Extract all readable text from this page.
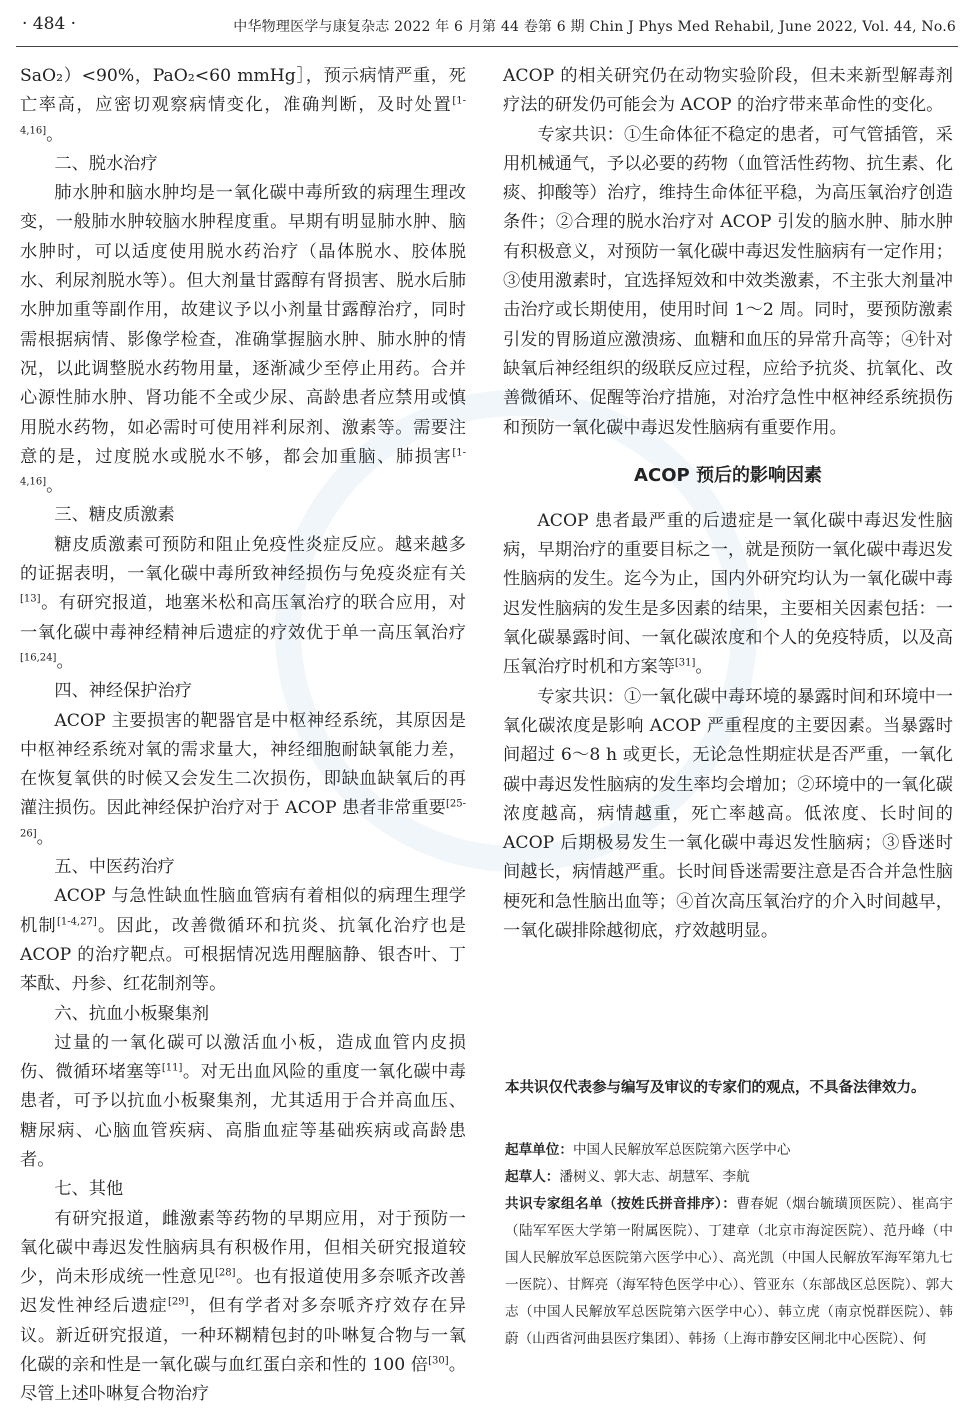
· 484 ·	中华物理医学与康复杂志 2022 年 6 月第 44 卷第 6 期 Chin J Phys Med Rehabil, June 2022, Vol. 44, No.6

SaO₂）<90%，PaO₂<60 mmHg］，预示病情严重，死亡率高，应密切观察病情变化，准确判断，及时处置[1-4,16]。

二、脱水治疗

肺水肿和脑水肿均是一氧化碳中毒所致的病理生理改变，一般肺水肿较脑水肿程度重。早期有明显肺水肿、脑水肿时，可以适度使用脱水药治疗（晶体脱水、胶体脱水、利尿剂脱水等）。但大剂量甘露醇有肾损害、脱水后肺水肿加重等副作用，故建议予以小剂量甘露醇治疗，同时需根据病情、影像学检查，准确掌握脑水肿、肺水肿的情况，以此调整脱水药物用量，逐渐减少至停止用药。合并心源性肺水肿、肾功能不全或少尿、高龄患者应禁用或慎用脱水药物，如必需时可使用袢利尿剂、激素等。需要注意的是，过度脱水或脱水不够，都会加重脑、肺损害[1-4,16]。

三、糖皮质激素

糖皮质激素可预防和阻止免疫性炎症反应。越来越多的证据表明，一氧化碳中毒所致神经损伤与免疫炎症有关[13]。有研究报道，地塞米松和高压氧治疗的联合应用，对一氧化碳中毒神经精神后遗症的疗效优于单一高压氧治疗[16,24]。

四、神经保护治疗

ACOP 主要损害的靶器官是中枢神经系统，其原因是中枢神经系统对氧的需求量大，神经细胞耐缺氧能力差，在恢复氧供的时候又会发生二次损伤，即缺血缺氧后的再灌注损伤。因此神经保护治疗对于 ACOP 患者非常重要[25-26]。

五、中医药治疗

ACOP 与急性缺血性脑血管病有着相似的病理生理学机制[1-4,27]。因此，改善微循环和抗炎、抗氧化治疗也是 ACOP 的治疗靶点。可根据情况选用醒脑静、银杏叶、丁苯酞、丹参、红花制剂等。

六、抗血小板聚集剂

过量的一氧化碳可以激活血小板，造成血管内皮损伤、微循环堵塞等[11]。对无出血风险的重度一氧化碳中毒患者，可予以抗血小板聚集剂，尤其适用于合并高血压、糖尿病、心脑血管疾病、高脂血症等基础疾病或高龄患者。

七、其他

有研究报道，雌激素等药物的早期应用，对于预防一氧化碳中毒迟发性脑病具有积极作用，但相关研究报道较少，尚未形成统一性意见[28]。也有报道使用多奈哌齐改善迟发性神经后遗症[29]，但有学者对多奈哌齐疗效存在异议。新近研究报道，一种环糊精包封的卟啉复合物与一氧化碳的亲和性是一氧化碳与血红蛋白亲和性的 100 倍[30]。尽管上述卟啉复合物治疗

ACOP 的相关研究仍在动物实验阶段，但未来新型解毒剂疗法的研发仍可能会为 ACOP 的治疗带来革命性的变化。

专家共识：①生命体征不稳定的患者，可气管插管，采用机械通气，予以必要的药物（血管活性药物、抗生素、化痰、抑酸等）治疗，维持生命体征平稳，为高压氧治疗创造条件；②合理的脱水治疗对 ACOP 引发的脑水肿、肺水肿有积极意义，对预防一氧化碳中毒迟发性脑病有一定作用；③使用激素时，宜选择短效和中效类激素，不主张大剂量冲击治疗或长期使用，使用时间 1～2 周。同时，要预防激素引发的胃肠道应激溃疡、血糖和血压的异常升高等；④针对缺氧后神经组织的级联反应过程，应给予抗炎、抗氧化、改善微循环、促醒等治疗措施，对治疗急性中枢神经系统损伤和预防一氧化碳中毒迟发性脑病有重要作用。

ACOP 预后的影响因素

ACOP 患者最严重的后遗症是一氧化碳中毒迟发性脑病，早期治疗的重要目标之一，就是预防一氧化碳中毒迟发性脑病的发生。迄今为止，国内外研究均认为一氧化碳中毒迟发性脑病的发生是多因素的结果，主要相关因素包括：一氧化碳暴露时间、一氧化碳浓度和个人的免疫特质，以及高压氧治疗时机和方案等[31]。

专家共识：①一氧化碳中毒环境的暴露时间和环境中一氧化碳浓度是影响 ACOP 严重程度的主要因素。当暴露时间超过 6～8 h 或更长，无论急性期症状是否严重，一氧化碳中毒迟发性脑病的发生率均会增加；②环境中的一氧化碳浓度越高，病情越重，死亡率越高。低浓度、长时间的 ACOP 后期极易发生一氧化碳中毒迟发性脑病；③昏迷时间越长，病情越严重。长时间昏迷需要注意是否合并急性脑梗死和急性脑出血等；④首次高压氧治疗的介入时间越早，一氧化碳排除越彻底，疗效越明显。

本共识仅代表参与编写及审议的专家们的观点，不具备法律效力。
起草单位：中国人民解放军总医院第六医学中心
起草人：潘树义、郭大志、胡慧军、李航
共识专家组名单（按姓氏拼音排序）：曹春妮（烟台毓璜顶医院）、崔高宇（陆军军医大学第一附属医院）、丁建章（北京市海淀医院）、范丹峰（中国人民解放军总医院第六医学中心）、高光凯（中国人民解放军海军第九七一医院）、甘辉亮（海军特色医学中心）、管亚东（东部战区总医院）、郭大志（中国人民解放军总医院第六医学中心）、韩立虎（南京悦群医院）、韩蔚（山西省河曲县医疗集团）、韩扬（上海市静安区闸北中心医院）、何
